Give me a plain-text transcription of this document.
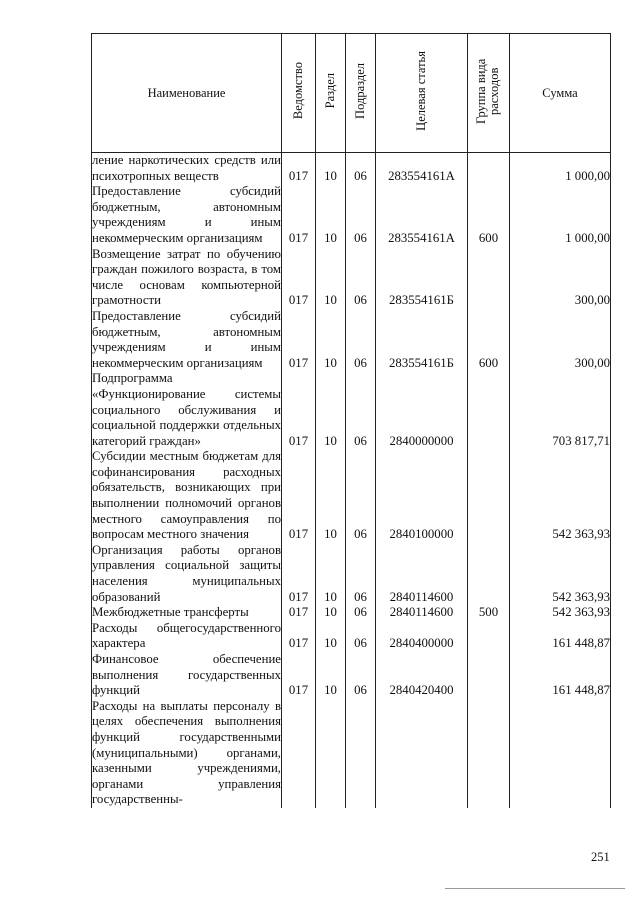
Наименование	Ведомство	Раздел	Подраздел	Целевая статья	Группа вида расходов	Сумма
ление наркотических средств или психотропных веществ	017	10	06	283554161А		1 000,00
Предоставление субсидий бюджетным, автономным учреждениям и иным некоммерческим организациям	017	10	06	283554161А	600	1 000,00
Возмещение затрат по обучению граждан пожилого возраста, в том числе основам компьютерной грамотности	017	10	06	283554161Б		300,00
Предоставление субсидий бюджетным, автономным учреждениям и иным некоммерческим организациям	017	10	06	283554161Б	600	300,00
Подпрограмма «Функционирование системы социального обслуживания и социальной поддержки отдельных категорий граждан»	017	10	06	2840000000		703 817,71
Субсидии местным бюджетам для софинансирования расходных обязательств, возникающих при выполнении полномочий органов местного самоуправления по вопросам местного значения	017	10	06	2840100000		542 363,93
Организация работы органов управления социальной защиты населения муниципальных образований	017	10	06	2840114600		542 363,93
Межбюджетные трансферты	017	10	06	2840114600	500	542 363,93
Расходы общегосударственного характера	017	10	06	2840400000		161 448,87
Финансовое обеспечение выполнения государственных функций	017	10	06	2840420400		161 448,87
Расходы на выплаты персоналу в целях обеспечения выполнения функций государственными (муниципальными) органами, казенными учреждениями, органами управления государственны-						
251
